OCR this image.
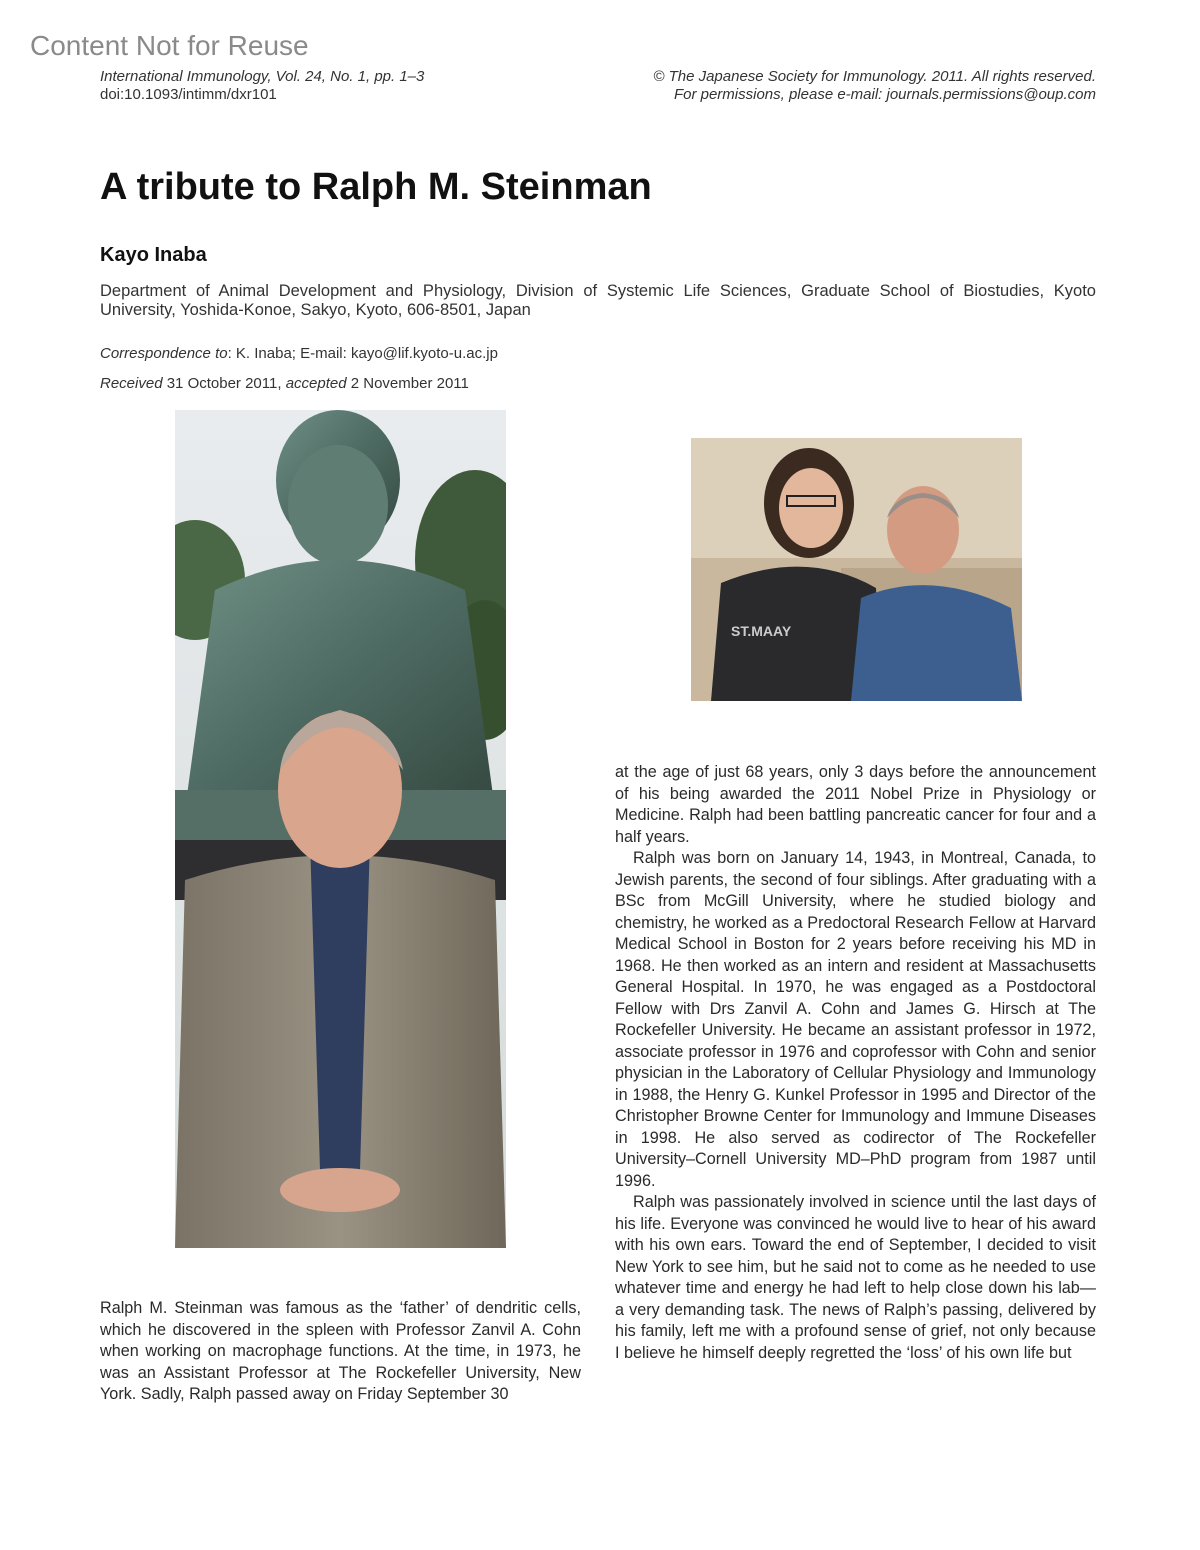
Content Not for Reuse
International Immunology, Vol. 24, No. 1, pp. 1–3
doi:10.1093/intimm/dxr101
© The Japanese Society for Immunology. 2011. All rights reserved.
For permissions, please e-mail: journals.permissions@oup.com
A tribute to Ralph M. Steinman
Kayo Inaba
Department of Animal Development and Physiology, Division of Systemic Life Sciences, Graduate School of Biostudies, Kyoto University, Yoshida-Konoe, Sakyo, Kyoto, 606-8501, Japan
Correspondence to: K. Inaba; E-mail: kayo@lif.kyoto-u.ac.jp
Received 31 October 2011, accepted 2 November 2011
ST.MAAY

Ralph M. Steinman was famous as the ‘father’ of dendritic cells, which he discovered in the spleen with Professor Zanvil A. Cohn when working on macrophage functions. At the time, in 1973, he was an Assistant Professor at The Rockefeller University, New York. Sadly, Ralph passed away on Friday September 30

at the age of just 68 years, only 3 days before the announcement of his being awarded the 2011 Nobel Prize in Physiology or Medicine. Ralph had been battling pancreatic cancer for four and a half years.

Ralph was born on January 14, 1943, in Montreal, Canada, to Jewish parents, the second of four siblings. After graduating with a BSc from McGill University, where he studied biology and chemistry, he worked as a Predoctoral Research Fellow at Harvard Medical School in Boston for 2 years before receiving his MD in 1968. He then worked as an intern and resident at Massachusetts General Hospital. In 1970, he was engaged as a Postdoctoral Fellow with Drs Zanvil A. Cohn and James G. Hirsch at The Rockefeller University. He became an assistant professor in 1972, associate professor in 1976 and coprofessor with Cohn and senior physician in the Laboratory of Cellular Physiology and Immunology in 1988, the Henry G. Kunkel Professor in 1995 and Director of the Christopher Browne Center for Immunology and Immune Diseases in 1998. He also served as codirector of The Rockefeller University–Cornell University MD–PhD program from 1987 until 1996.

Ralph was passionately involved in science until the last days of his life. Everyone was convinced he would live to hear of his award with his own ears. Toward the end of September, I decided to visit New York to see him, but he said not to come as he needed to use whatever time and energy he had left to help close down his lab—a very demanding task. The news of Ralph’s passing, delivered by his family, left me with a profound sense of grief, not only because I believe he himself deeply regretted the ‘loss’ of his own life but
